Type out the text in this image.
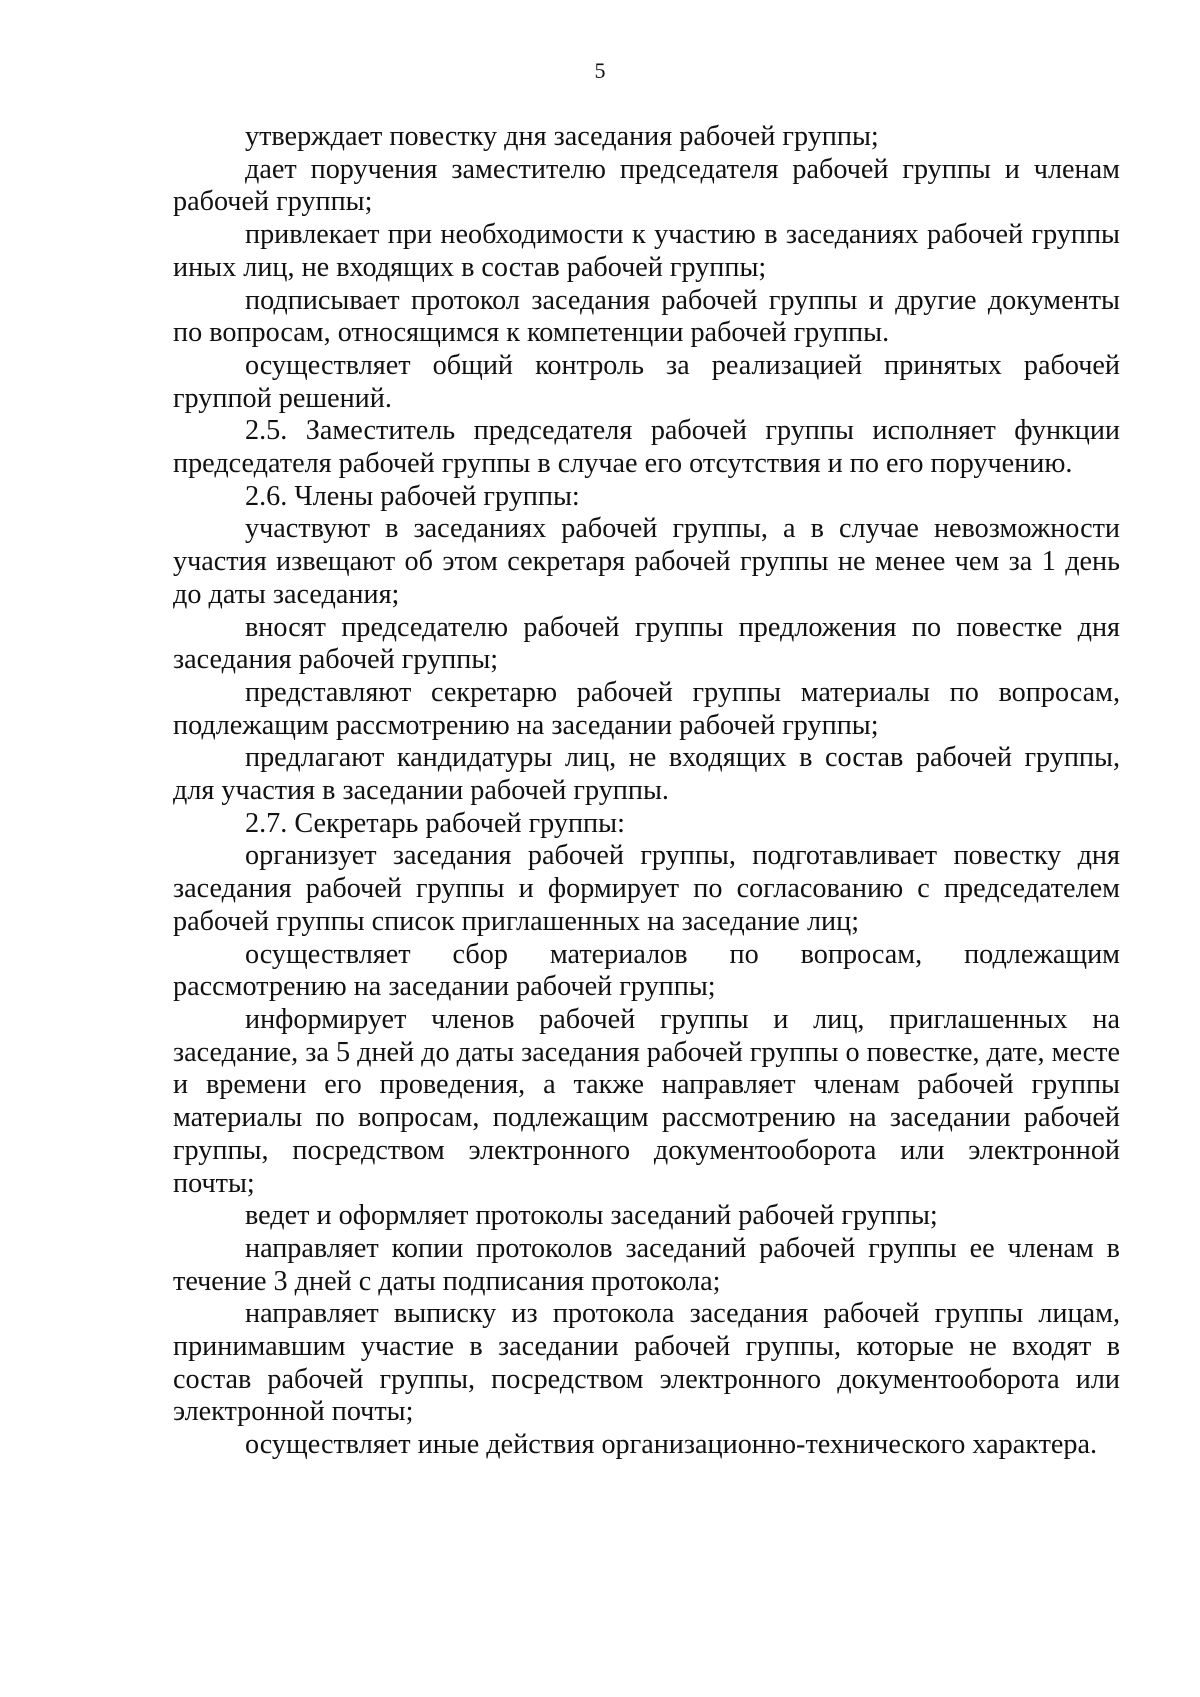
5

утверждает повестку дня заседания рабочей группы;

дает поручения заместителю председателя рабочей группы и членам рабочей группы;

привлекает при необходимости к участию в заседаниях рабочей группы иных лиц, не входящих в состав рабочей группы;

подписывает протокол заседания рабочей группы и другие документы по вопросам, относящимся к компетенции рабочей группы.

осуществляет общий контроль за реализацией принятых рабочей группой решений.

2.5. Заместитель председателя рабочей группы исполняет функции председателя рабочей группы в случае его отсутствия и по его поручению.

2.6. Члены рабочей группы:

участвуют в заседаниях рабочей группы, а в случае невозможности участия извещают об этом секретаря рабочей группы не менее чем за 1 день до даты заседания;

вносят председателю рабочей группы предложения по повестке дня заседания рабочей группы;

представляют секретарю рабочей группы материалы по вопросам, подлежащим рассмотрению на заседании рабочей группы;

предлагают кандидатуры лиц, не входящих в состав рабочей группы, для участия в заседании рабочей группы.

2.7. Секретарь рабочей группы:

организует заседания рабочей группы, подготавливает повестку дня заседания рабочей группы и формирует по согласованию с председателем рабочей группы список приглашенных на заседание лиц;

осуществляет сбор материалов по вопросам, подлежащим рассмотрению на заседании рабочей группы;

информирует членов рабочей группы и лиц, приглашенных на заседание, за 5 дней до даты заседания рабочей группы о повестке, дате, месте и времени его проведения, а также направляет членам рабочей группы материалы по вопросам, подлежащим рассмотрению на заседании рабочей группы, посредством электронного документооборота или электронной почты;

ведет и оформляет протоколы заседаний рабочей группы;

направляет копии протоколов заседаний рабочей группы ее членам в течение 3 дней с даты подписания протокола;

направляет выписку из протокола заседания рабочей группы лицам, принимавшим участие в заседании рабочей группы, которые не входят в состав рабочей группы, посредством электронного документооборота или электронной почты;

осуществляет иные действия организационно-технического характера.
